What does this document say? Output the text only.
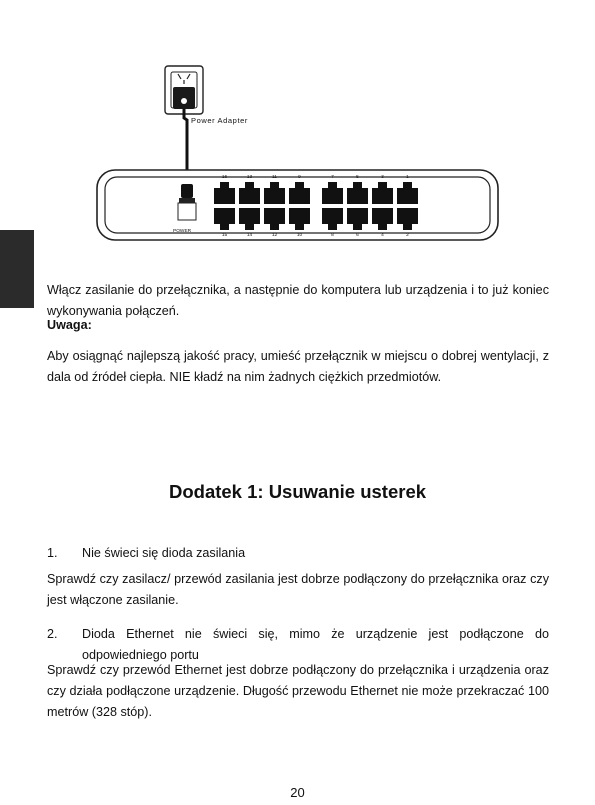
Power Adapter
POWER
16
15
13
14
11
12
9
10
7
8
5
6
3
4
1
2
Włącz zasilanie do przełącznika, a następnie do komputera lub urządzenia i to już koniec wykonywania połączeń.
Uwaga:
Aby osiągnąć najlepszą jakość pracy, umieść przełącznik w miejscu o dobrej wentylacji, z dala od źródeł ciepła. NIE kładź na nim żadnych ciężkich przedmiotów.
Dodatek 1: Usuwanie usterek
1. Nie świeci się dioda zasilania
Sprawdź czy zasilacz/ przewód zasilania jest dobrze podłączony do przełącznika oraz czy jest włączone zasilanie.
2. Dioda Ethernet nie świeci się, mimo że urządzenie jest podłączone do odpowiedniego portu
Sprawdź czy przewód Ethernet jest dobrze podłączony do przełącznika i urządzenia oraz czy działa podłączone urządzenie. Długość przewodu Ethernet nie może przekraczać 100 metrów (328 stóp).
20
